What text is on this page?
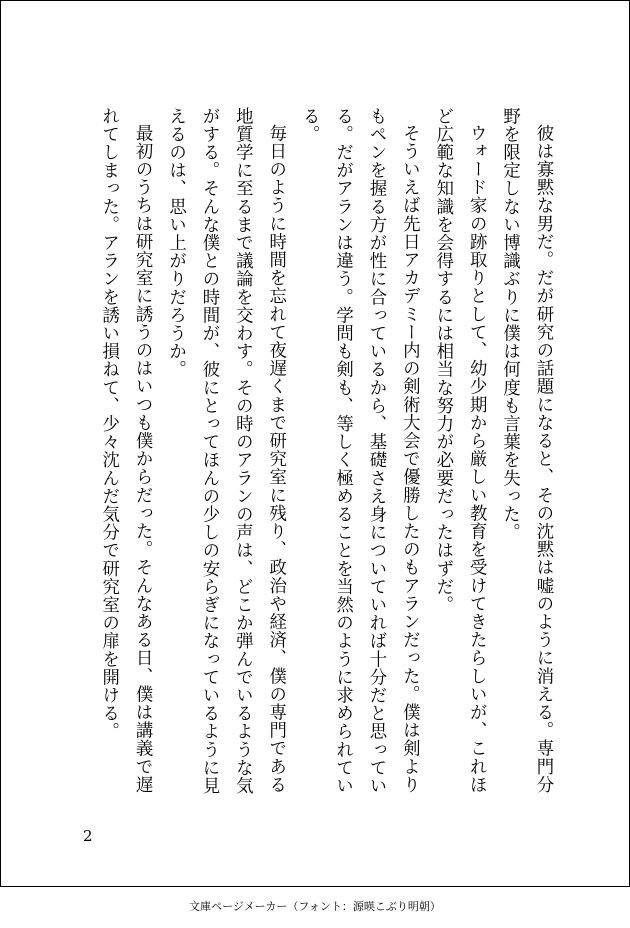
彼は寡黙な男だ。だが研究の話題になると、その沈黙は嘘のように消える。専門分野を限定しない博識ぶりに僕は何度も言葉を失った。

ウォード家の跡取りとして、幼少期から厳しい教育を受けてきたらしいが、これほど広範な知識を会得するには相当な努力が必要だったはずだ。

そういえば先日アカデミー内の剣術大会で優勝したのもアランだった。僕は剣よりもペンを握る方が性に合っているから、基礎さえ身についていれば十分だと思っている。だがアランは違う。学問も剣も、等しく極めることを当然のように求められている。

毎日のように時間を忘れて夜遅くまで研究室に残り、政治や経済、僕の専門である地質学に至るまで議論を交わす。その時のアランの声は、どこか弾んでいるような気がする。そんな僕との時間が、彼にとってほんの少しの安らぎになっているように見えるのは、思い上がりだろうか。

最初のうちは研究室に誘うのはいつも僕からだった。そんなある日、僕は講義で遅れてしまった。アランを誘い損ねて、少々沈んだ気分で研究室の扉を開ける。

2
文庫ページメーカー（フォント：源暎こぶり明朝）
